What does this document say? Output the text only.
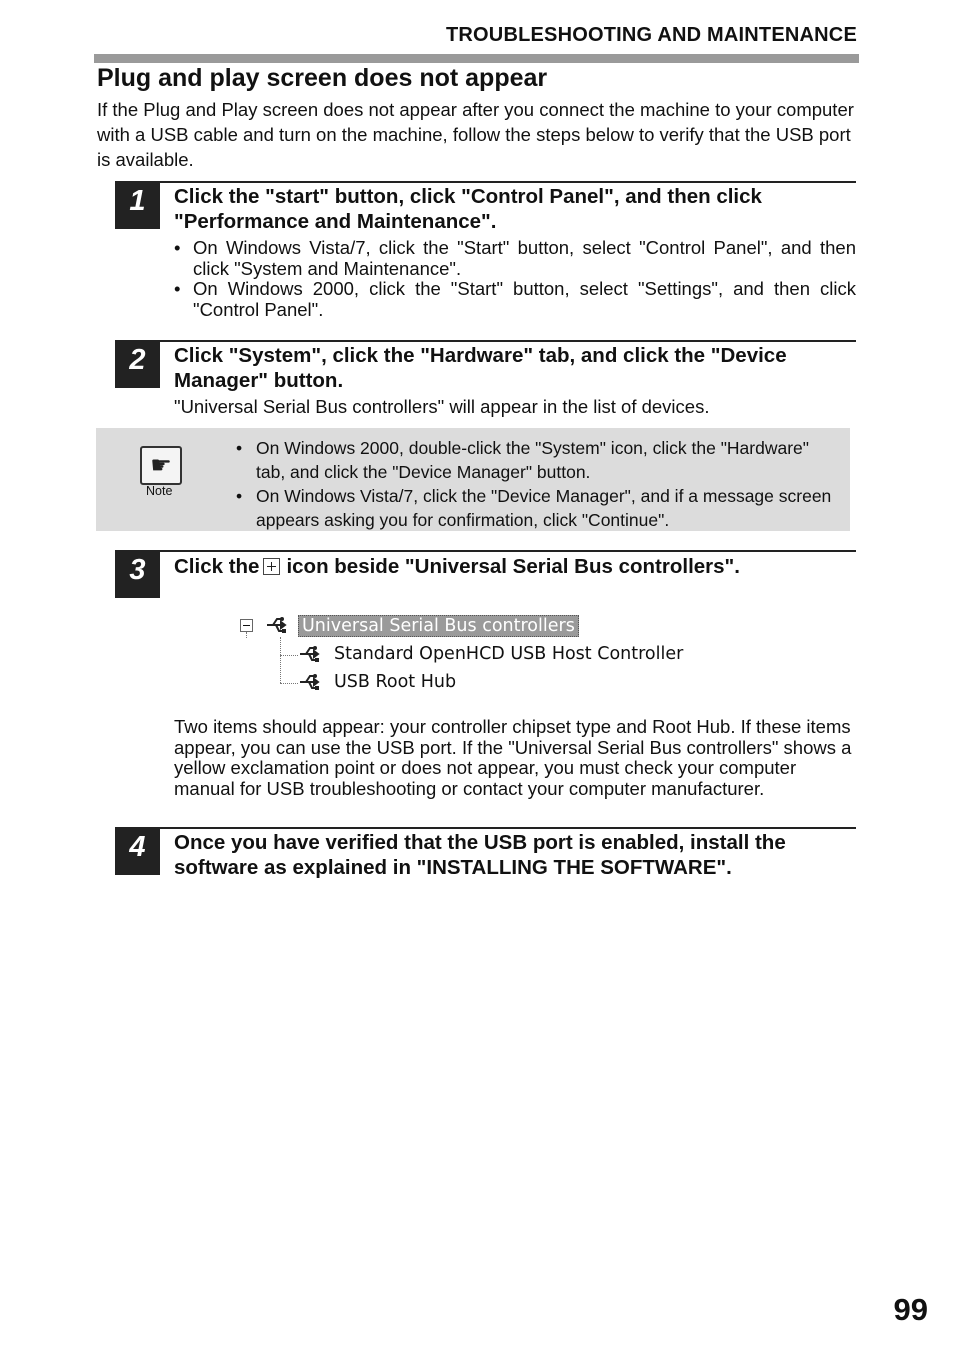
TROUBLESHOOTING AND MAINTENANCE
Plug and play screen does not appear
If the Plug and Play screen does not appear after you connect the machine to your computer with a USB cable and turn on the machine, follow the steps below to verify that the USB port is available.
1	Click the "start" button, click "Control Panel", and then click "Performance and Maintenance".
• On Windows Vista/7, click the "Start" button, select "Control Panel", and then click "System and Maintenance".
• On Windows 2000, click the "Start" button, select "Settings", and then click "Control Panel".
2	Click "System", click the "Hardware" tab, and click the "Device Manager" button.
"Universal Serial Bus controllers" will appear in the list of devices.
☛
Note
• On Windows 2000, double-click the "System" icon, click the "Hardware" tab, and click the "Device Manager" button.
• On Windows Vista/7, click the "Device Manager", and if a message screen appears asking you for confirmation, click "Continue".
3	Click the icon beside "Universal Serial Bus controllers".
Universal Serial Bus controllers
Standard OpenHCD USB Host Controller
USB Root Hub
Two items should appear: your controller chipset type and Root Hub. If these items appear, you can use the USB port. If the "Universal Serial Bus controllers" shows a yellow exclamation point or does not appear, you must check your computer manual for USB troubleshooting or contact your computer manufacturer.
4	Once you have verified that the USB port is enabled, install the software as explained in "INSTALLING THE SOFTWARE".
99
